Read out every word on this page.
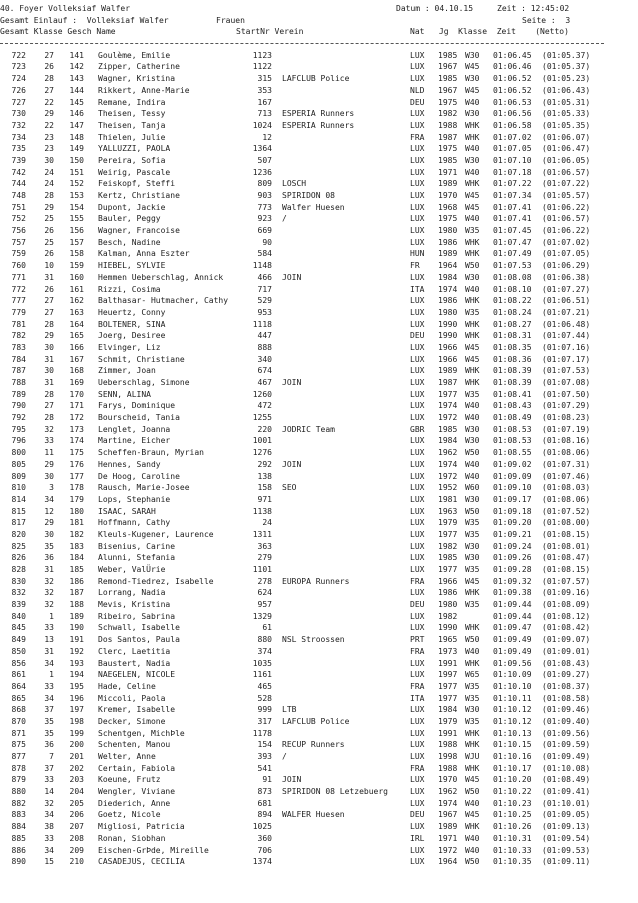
40. Foyer Volleksiaf Walfer

	Datum : 04.10.15

	Zeit : 12:45:02

Gesamt Einlauf :  Volleksiaf Walfer

	Frauen

	Seite :  3

Gesamt Klasse Gesch Name

	StartNr Verein

	Nat   Jg  Klasse  Zeit    (Netto)

722	27	141 Goulème, Emilie	1123	LUX	1985 W30	01:06.45	(01:05.37)
723	26	142 Zipper, Catherine	1122	LUX	1967 W45	01:06.46	(01:05.37)
724	28	143 Wagner, Kristina	315 LAFCLUB Police	LUX	1985 W30	01:06.52	(01:05.23)
726	27	144 Rikkert, Anne-Marie	353	NLD	1967 W45	01:06.52	(01:06.43)
727	22	145 Remane, Indira	167	DEU	1975 W40	01:06.53	(01:05.31)
730	29	146 Theisen, Tessy	713 ESPERIA Runners	LUX	1982 W30	01:06.56	(01:05.33)
732	22	147 Theisen, Tanja	1024 ESPERIA Runners	LUX	1988 WHK	01:06.58	(01:05.35)
734	23	148 Thielen, Julie	12	FRA	1987 WHK	01:07.02	(01:06.07)
735	23	149 YALLUZZI, PAOLA	1364	LUX	1975 W40	01:07.05	(01:06.47)
739	30	150 Pereira, Sofia	507	LUX	1985 W30	01:07.10	(01:06.05)
742	24	151 Weirig, Pascale	1236	LUX	1971 W40	01:07.18	(01:06.57)
744	24	152 Feiskopf, Steffi	809 LOSCH	LUX	1989 WHK	01:07.22	(01:07.22)
748	28	153 Kertz, Christiane	903 SPIRIDON 08	LUX	1970 W45	01:07.34	(01:05.57)
751	29	154 Dupont, Jackie	773 Walfer Huesen	LUX	1968 W45	01:07.41	(01:06.22)
752	25	155 Bauler, Peggy	923 /	LUX	1975 W40	01:07.41	(01:06.57)
756	26	156 Wagner, Francoise	669	LUX	1980 W35	01:07.45	(01:06.22)
757	25	157 Besch, Nadine	90	LUX	1986 WHK	01:07.47	(01:07.02)
759	26	158 Kalman, Anna Eszter	584	HUN	1989 WHK	01:07.49	(01:07.05)
760	10	159 HIEBEL, SYLVIE	1148	FR	1964 W50	01:07.53	(01:06.29)
771	31	160 Hemmen Ueberschlag, Annick	466 JOIN	LUX	1984 W30	01:08.08	(01:06.38)
772	26	161 Rizzi, Cosima	717	ITA	1974 W40	01:08.10	(01:07.27)
777	27	162 Balthasar- Hutmacher, Cathy	529	LUX	1986 WHK	01:08.22	(01:06.51)
779	27	163 Heuertz, Conny	953	LUX	1980 W35	01:08.24	(01:07.21)
781	28	164 BOLTENER, SINA	1118	LUX	1990 WHK	01:08.27	(01:06.48)
782	29	165 Joerg, Desiree	447	DEU	1990 WHK	01:08.31	(01:07.44)
783	30	166 Elvinger, Liz	888	LUX	1966 W45	01:08.35	(01:07.16)
784	31	167 Schmit, Christiane	340	LUX	1966 W45	01:08.36	(01:07.17)
787	30	168 Zimmer, Joan	674	LUX	1989 WHK	01:08.39	(01:07.53)
788	31	169 Ueberschlag, Simone	467 JOIN	LUX	1987 WHK	01:08.39	(01:07.08)
789	28	170 SENN, ALINA	1260	LUX	1977 W35	01:08.41	(01:07.50)
790	27	171 Farys, Dominique	472	LUX	1974 W40	01:08.43	(01:07.29)
792	28	172 Bourscheid, Tania	1255	LUX	1972 W40	01:08.49	(01:08.23)
795	32	173 Lenglet, Joanna	220 JODRIC Team	GBR	1985 W30	01:08.53	(01:07.19)
796	33	174 Martine, Eicher	1001	LUX	1984 W30	01:08.53	(01:08.16)
800	11	175 Scheffen-Braun, Myrian	1276	LUX	1962 W50	01:08.55	(01:08.06)
805	29	176 Hennes, Sandy	292 JOIN	LUX	1974 W40	01:09.02	(01:07.31)
809	30	177 De Hoog, Caroline	138	LUX	1972 W40	01:09.09	(01:07.46)
810	3	178 Rausch, Marie-Josee	158 SEO	LUX	1952 W60	01:09.10	(01:08.03)
814	34	179 Lops, Stephanie	971	LUX	1981 W30	01:09.17	(01:08.06)
815	12	180 ISAAC, SARAH	1138	LUX	1963 W50	01:09.18	(01:07.52)
817	29	181 Hoffmann, Cathy	24	LUX	1979 W35	01:09.20	(01:08.00)
820	30	182 Kleuls-Kugener, Laurence	1311	LUX	1977 W35	01:09.21	(01:08.15)
825	35	183 Bisenius, Carine	363	LUX	1982 W30	01:09.24	(01:08.01)
826	36	184 Alunni, Stefania	279	LUX	1985 W30	01:09.26	(01:08.47)
828	31	185 Weber, ValÜrie	1101	LUX	1977 W35	01:09.28	(01:08.15)
830	32	186 Remond-Tiedrez, Isabelle	278 EUROPA Runners	FRA	1966 W45	01:09.32	(01:07.57)
832	32	187 Lorrang, Nadia	624	LUX	1986 WHK	01:09.38	(01:09.16)
839	32	188 Mevis, Kristina	957	DEU	1980 W35	01:09.44	(01:08.09)
840	1	189 Ribeiro, Sabrina	1329	LUX	1982	01:09.44	(01:08.12)
845	33	190 Schwall, Isabelle	61	LUX	1990 WHK	01:09.47	(01:08.42)
849	13	191 Dos Santos, Paula	880 NSL Stroossen	PRT	1965 W50	01:09.49	(01:09.07)
850	31	192 Clerc, Laetitia	374	FRA	1973 W40	01:09.49	(01:09.01)
856	34	193 Baustert, Nadia	1035	LUX	1991 WHK	01:09.56	(01:08.43)
861	1	194 NAEGELEN, NICOLE	1161	LUX	1997 W65	01:10.09	(01:09.27)
864	33	195 Hade, Celine	465	FRA	1977 W35	01:10.10	(01:08.37)
865	34	196 Miccoli, Paola	528	ITA	1977 W35	01:10.11	(01:08.58)
868	37	197 Kremer, Isabelle	999 LTB	LUX	1984 W30	01:10.12	(01:09.46)
870	35	198 Decker, Simone	317 LAFCLUB Police	LUX	1979 W35	01:10.12	(01:09.40)
871	35	199 Schentgen, MichÞle	1178	LUX	1991 WHK	01:10.13	(01:09.56)
875	36	200 Schenten, Manou	154 RECUP Runners	LUX	1988 WHK	01:10.15	(01:09.59)
877	7	201 Welter, Anne	393 /	LUX	1998 WJU	01:10.16	(01:09.49)
878	37	202 Certain, Fabiola	541	FRA	1988 WHK	01:10.17	(01:10.08)
879	33	203 Koeune, Frutz	91 JOIN	LUX	1970 W45	01:10.20	(01:08.49)
880	14	204 Wengler, Viviane	873 SPIRIDON 08 Letzebuerg	LUX	1962 W50	01:10.22	(01:09.41)
882	32	205 Diederich, Anne	681	LUX	1974 W40	01:10.23	(01:10.01)
883	34	206 Goetz, Nicole	894 WALFER Huesen	DEU	1967 W45	01:10.25	(01:09.05)
884	38	207 Migliosi, Patricia	1025	LUX	1989 WHK	01:10.26	(01:09.13)
885	33	208 Ronan, Siobhan	360	IRL	1971 W40	01:10.31	(01:09.54)
886	34	209 Eischen-GrÞde, Mireille	706	LUX	1972 W40	01:10.33	(01:09.53)
890	15	210 CASADEJUS, CECILIA	1374	LUX	1964 W50	01:10.35	(01:09.11)
